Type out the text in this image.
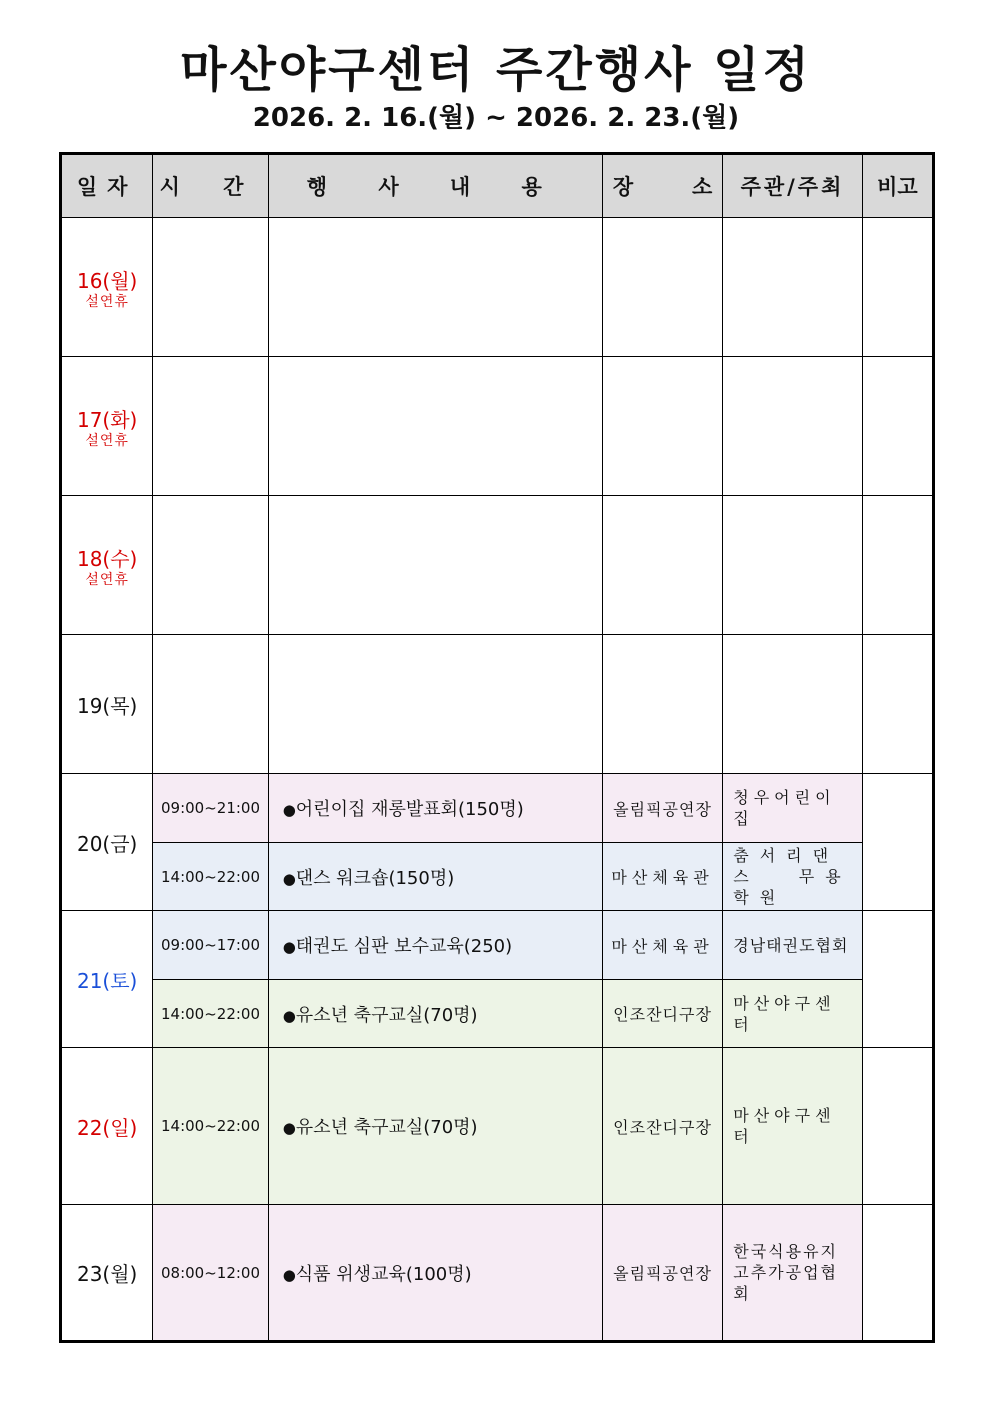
마산야구센터 주간행사 일정
2026. 2. 16.(월) ~ 2026. 2. 23.(월)
일자	시 간	행 사 내 용	장 소	주관/주최	비고
16(월)
설연휴					

17(화)
설연휴					

18(수)
설연휴					

19(목)					
20(금)	09:00~21:00	●어린이집 재롱발표회(150명)	올림픽공연장	청우어린이집	
	14:00~22:00	●댄스 워크숍(150명)	마산체육관	춤서리댄스 무용학원	
21(토)	09:00~17:00	●태권도 심판 보수교육(250)	마산체육관	경남태권도협회	
	14:00~22:00	●유소년 축구교실(70명)	인조잔디구장	마산야구센터	
22(일)	14:00~22:00	●유소년 축구교실(70명)	인조잔디구장	마산야구센터	
23(월)	08:00~12:00	●식품 위생교육(100명)	올림픽공연장	한국식용유지 고추가공업협회	
